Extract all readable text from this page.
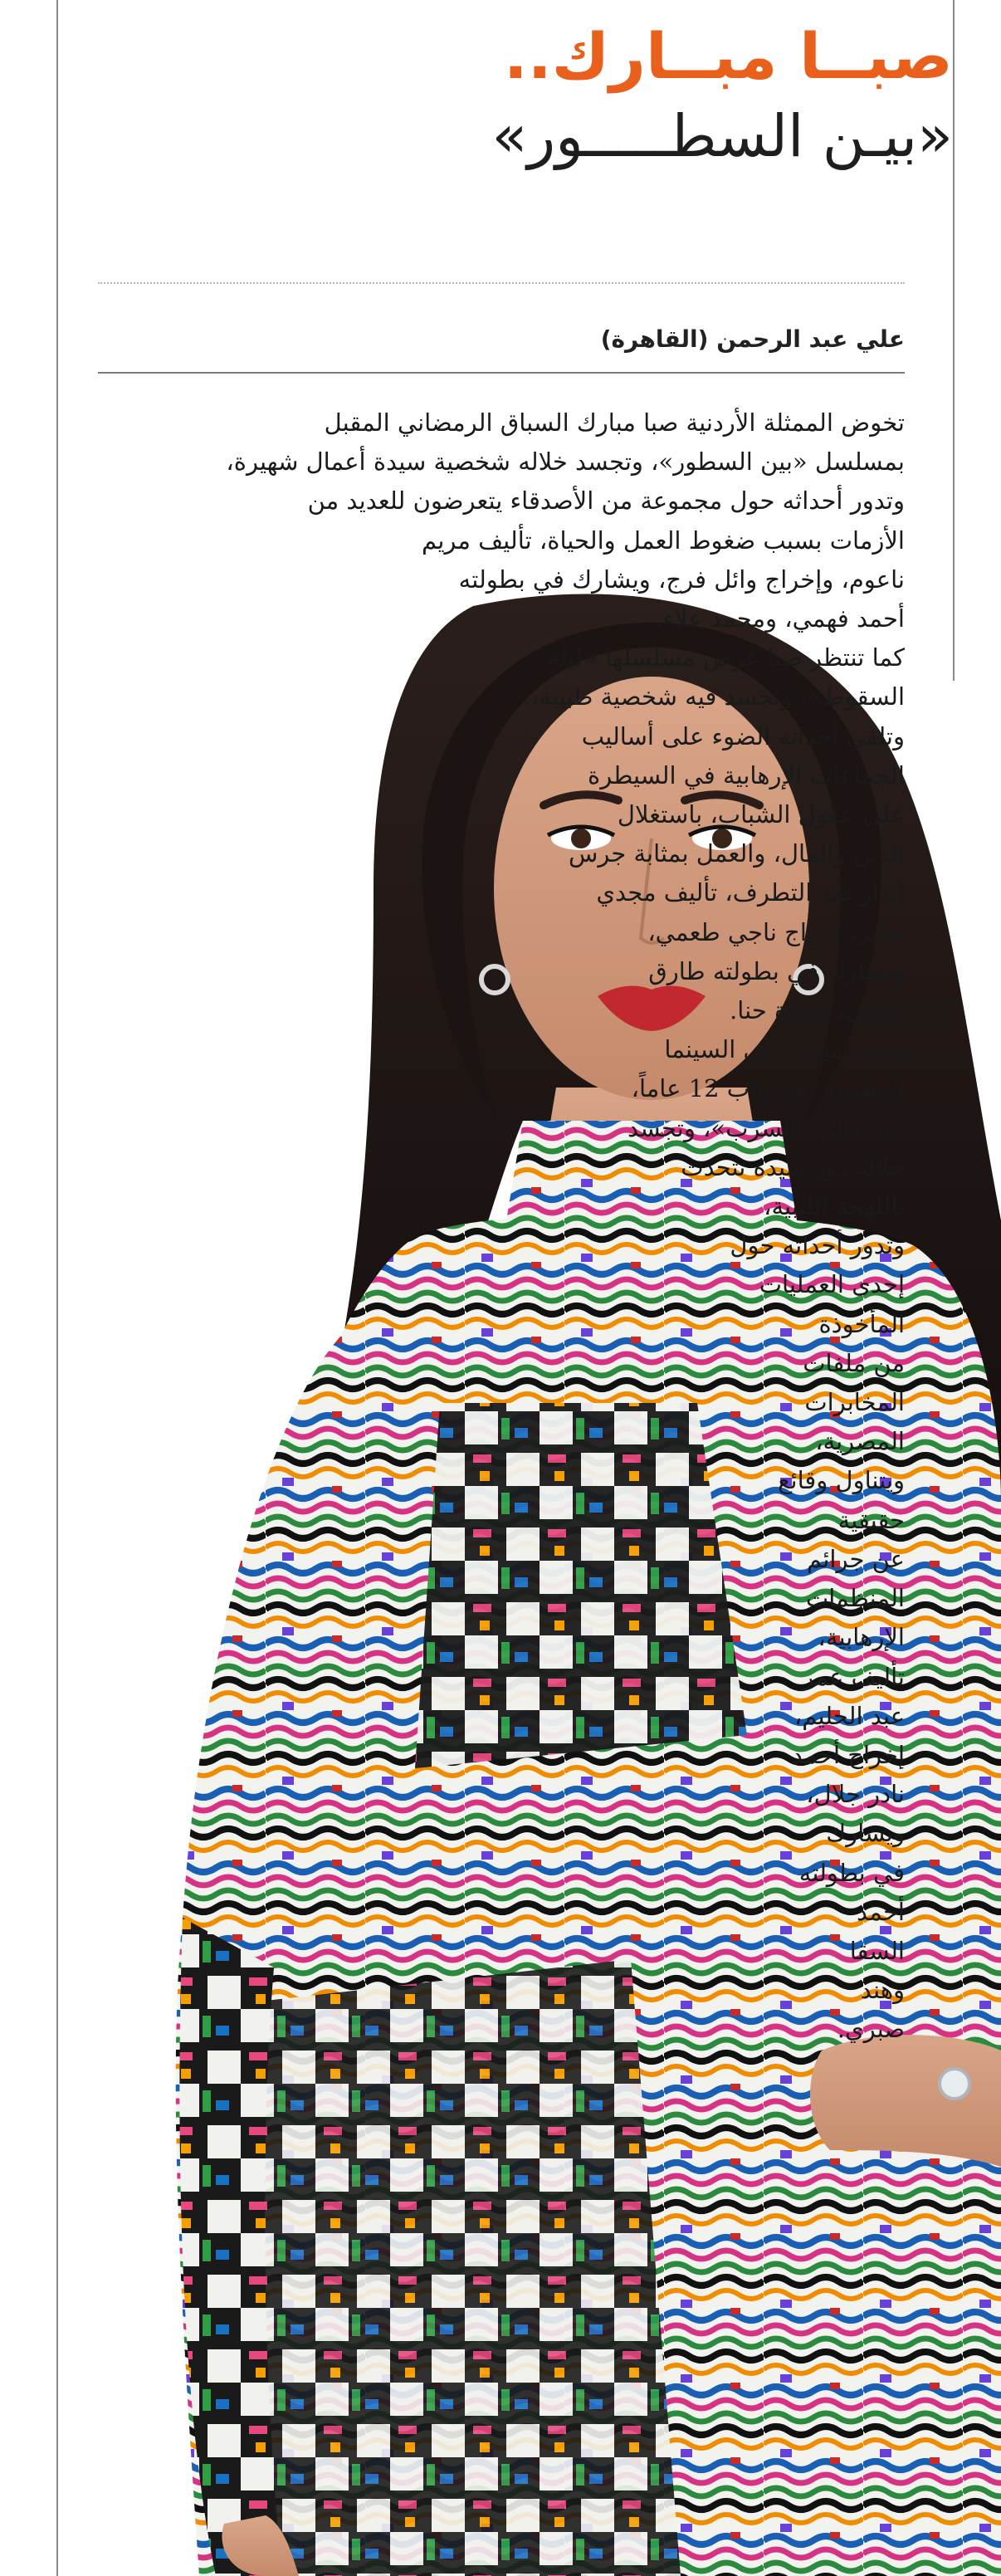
صبــا مبــارك..
«بيـن السطـــــور»
علي عبد الرحمن (القاهرة)

تخوض الممثلة الأردنية صبا مبارك السباق الرمضاني المقبل
بمسلسل «بين السطور»، وتجسد خلاله شخصية سيدة أعمال شهيرة،
وتدور أحداثه حول مجموعة من الأصدقاء يتعرضون للعديد من
الأزمات بسبب ضغوط العمل والحياة، تأليف مريم
ناعوم، وإخراج وائل فرج، ويشارك في بطولته
أحمد فهمي، ومحمد علاء.
كما تنتظر صبا عرض مسلسلها «ليلة
السقوط»، وتجسد فيه شخصية طبيبة،
وتلقي أحداثه الضوء على أساليب
الجماعات الإرهابية في السيطرة
على عقول الشباب، باستغلال
الدين والمال، والعمل بمثابة جرس
إنذار ضد التطرف، تأليف مجدي
صابر، إخراج ناجي طعمي،
ويشارك في بطولته طارق
لطفي، وكندة حنا.
وتعود مبارك إلى السينما
المصرية بعد غياب 12 عاماً،
عبر فيلم «السرب»، وتجسد
خلاله دور سيدة تتحدث
باللهجة الليبية،
وتدور أحداثه حول
إحدى العمليات
المأخوذة
من ملفات
المخابرات
المصرية،
ويتناول وقائع
حقيقية
عن جرائم
المنظمات
الإرهابية،
تأليف عمر
عبد الحليم،
إخراج أحمد
نادر جلال،
ويشارك
في بطولته
أحمد
السقا
وهند
صبري.
